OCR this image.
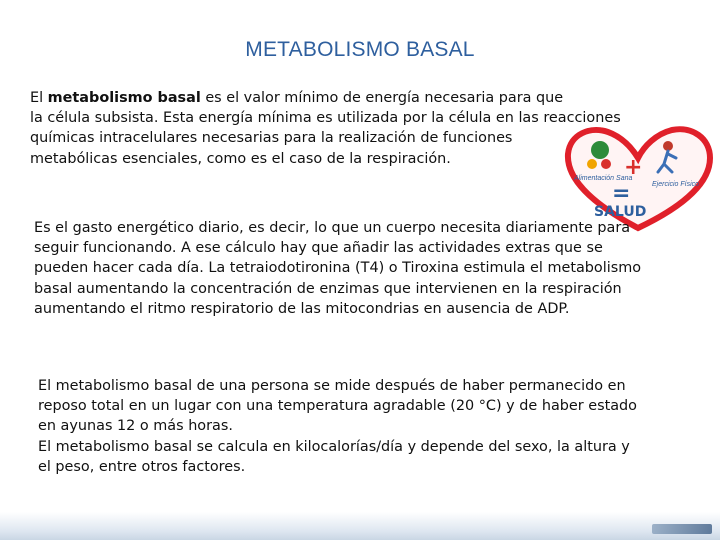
METABOLISMO BASAL

El metabolismo basal es el valor mínimo de energía necesaria para que
la célula subsista. Esta energía mínima es utilizada por la célula en las reacciones
químicas intracelulares necesarias para la realización de funciones
metabólicas esenciales, como es el caso de la respiración.

Alimentación Sana
Ejercicio Físico
+
=
SALUD

Es el gasto energético diario, es decir, lo que un cuerpo necesita diariamente para
seguir funcionando. A ese cálculo hay que añadir las actividades extras que se
pueden hacer cada día. La tetraiodotironina (T4) o Tiroxina estimula el metabolismo
basal aumentando la concentración de enzimas que intervienen en la respiración
aumentando el ritmo respiratorio de las mitocondrias en ausencia de ADP.

El metabolismo basal de una persona se mide después de haber permanecido en
reposo total en un lugar con una temperatura agradable (20 °C) y de haber estado
en ayunas 12 o más horas.
El metabolismo basal se calcula en kilocalorías/día y depende del sexo, la altura y
el peso, entre otros factores.
